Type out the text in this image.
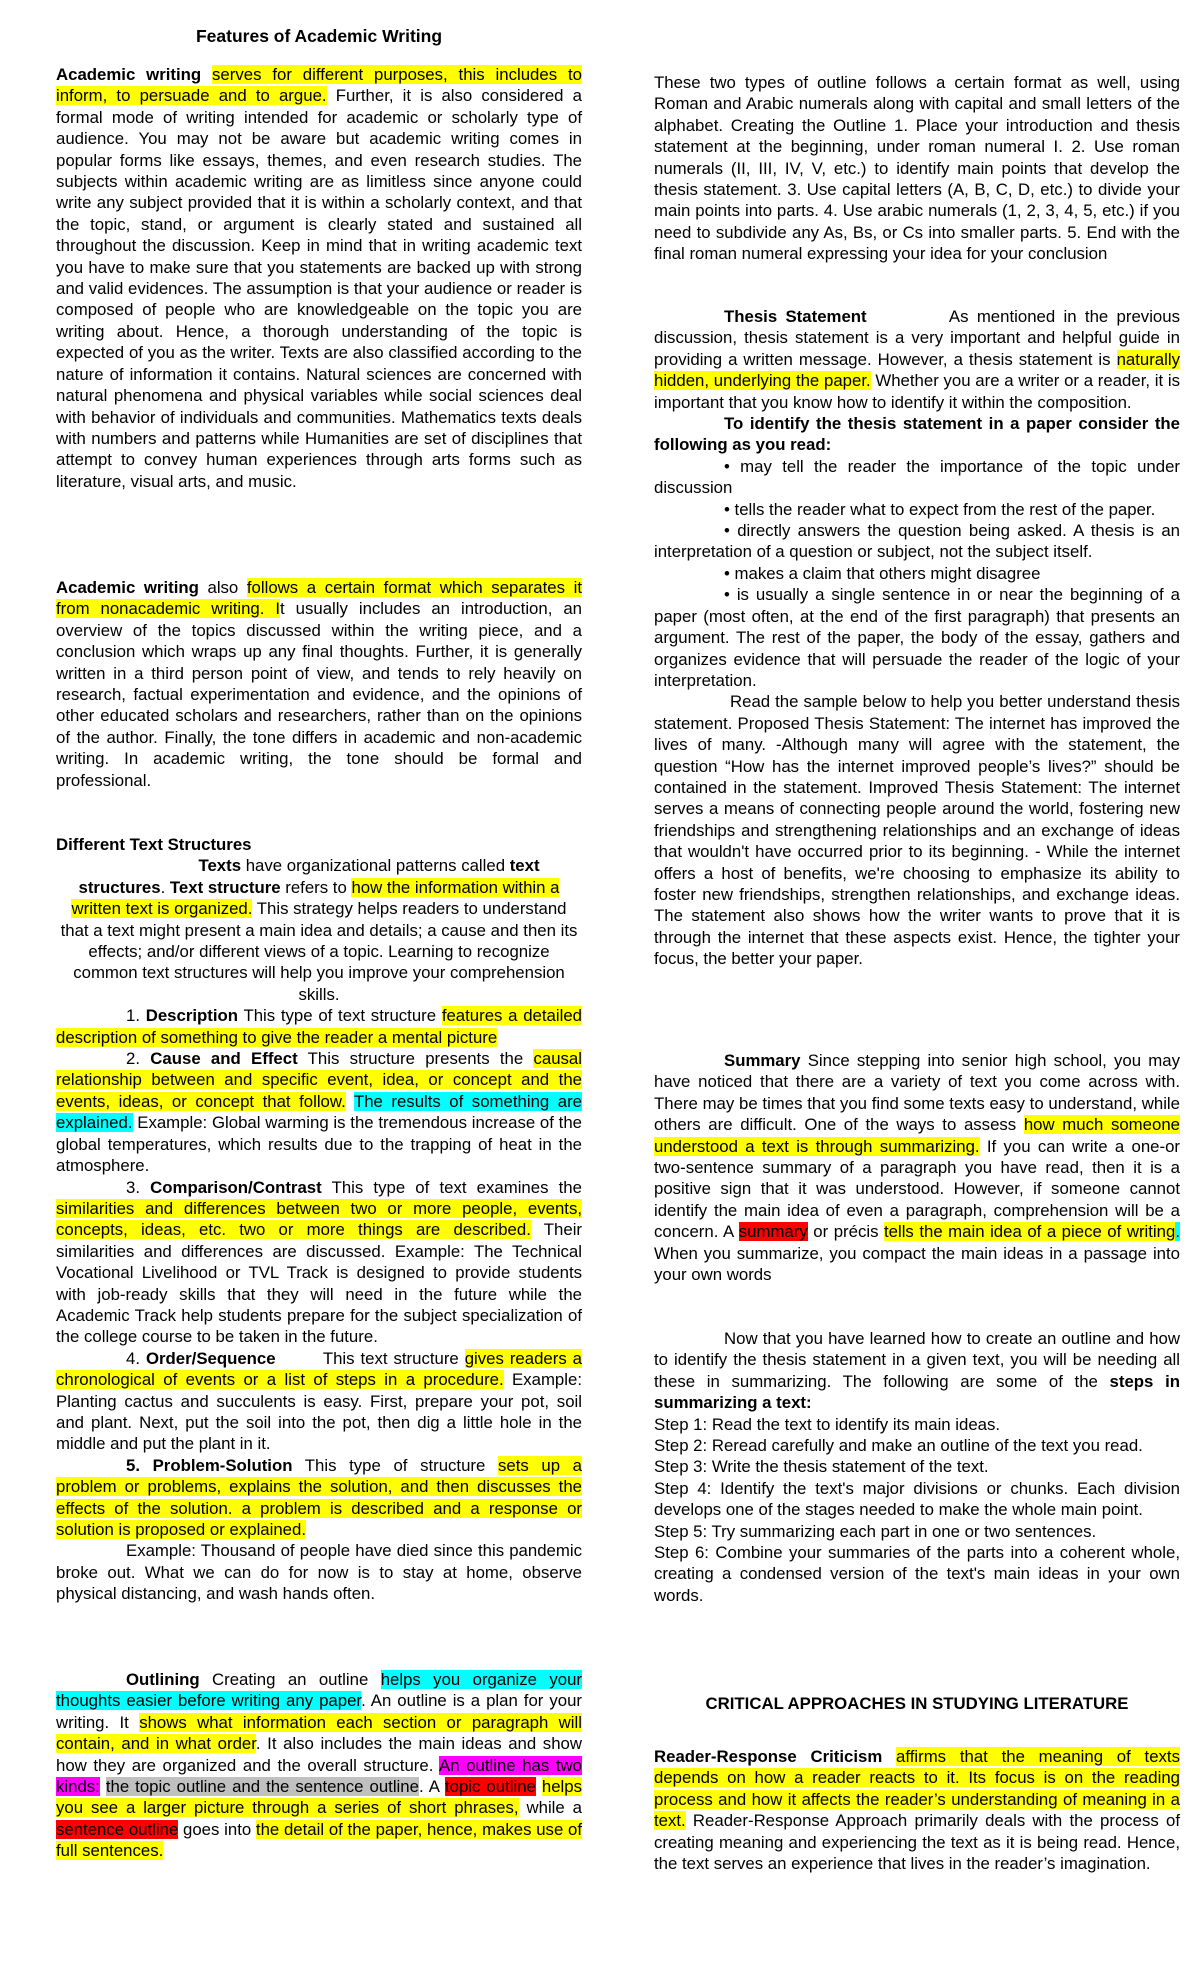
Features of Academic Writing

Academic writing serves for different purposes, this includes to inform, to persuade and to argue. Further, it is also considered a formal mode of writing intended for academic or scholarly type of audience. You may not be aware but academic writing comes in popular forms like essays, themes, and even research studies. The subjects within academic writing are as limitless since anyone could write any subject provided that it is within a scholarly context, and that the topic, stand, or argument is clearly stated and sustained all throughout the discussion. Keep in mind that in writing academic text you have to make sure that you statements are backed up with strong and valid evidences. The assumption is that your audience or reader is composed of people who are knowledgeable on the topic you are writing about. Hence, a thorough understanding of the topic is expected of you as the writer. Texts are also classified according to the nature of information it contains. Natural sciences are concerned with natural phenomena and physical variables while social sciences deal with behavior of individuals and communities. Mathematics texts deals with numbers and patterns while Humanities are set of disciplines that attempt to convey human experiences through arts forms such as literature, visual arts, and music.

Academic writing also follows a certain format which separates it from nonacademic writing. It usually includes an introduction, an overview of the topics discussed within the writing piece, and a conclusion which wraps up any final thoughts. Further, it is generally written in a third person point of view, and tends to rely heavily on research, factual experimentation and evidence, and the opinions of other educated scholars and researchers, rather than on the opinions of the author. Finally, the tone differs in academic and non-academic writing. In academic writing, the tone should be formal and professional.

Different Text Structures

Texts have organizational patterns called text structures. Text structure refers to how the information within a written text is organized. This strategy helps readers to understand that a text might present a main idea and details; a cause and then its effects; and/or different views of a topic. Learning to recognize common text structures will help you improve your comprehension skills.

1. Description This type of text structure features a detailed description of something to give the reader a mental picture

2. Cause and Effect This structure presents the causal relationship between and specific event, idea, or concept and the events, ideas, or concept that follow. The results of something are explained. Example: Global warming is the tremendous increase of the global temperatures, which results due to the trapping of heat in the atmosphere.

3. Comparison/Contrast This type of text examines the similarities and differences between two or more people, events, concepts, ideas, etc. two or more things are described. Their similarities and differences are discussed. Example: The Technical Vocational Livelihood or TVL Track is designed to provide students with job-ready skills that they will need in the future while the Academic Track help students prepare for the subject specialization of the college course to be taken in the future.

4. Order/Sequence        This text structure gives readers a chronological of events or a list of steps in a procedure. Example: Planting cactus and succulents is easy. First, prepare your pot, soil and plant. Next, put the soil into the pot, then dig a little hole in the middle and put the plant in it.

5. Problem-Solution This type of structure sets up a problem or problems, explains the solution, and then discusses the effects of the solution. a problem is described and a response or solution is proposed or explained.

Example: Thousand of people have died since this pandemic broke out. What we can do for now is to stay at home, observe physical distancing, and wash hands often.

Outlining Creating an outline helps you organize your thoughts easier before writing any paper. An outline is a plan for your writing. It shows what information each section or paragraph will contain, and in what order. It also includes the main ideas and show how they are organized and the overall structure. An outline has two kinds: the topic outline and the sentence outline. A topic outline helps you see a larger picture through a series of short phrases, while a sentence outline goes into the detail of the paper, hence, makes use of full sentences.

These two types of outline follows a certain format as well, using Roman and Arabic numerals along with capital and small letters of the alphabet. Creating the Outline 1. Place your introduction and thesis statement at the beginning, under roman numeral I. 2. Use roman numerals (II, III, IV, V, etc.) to identify main points that develop the thesis statement. 3. Use capital letters (A, B, C, D, etc.) to divide your main points into parts. 4. Use arabic numerals (1, 2, 3, 4, 5, etc.) if you need to subdivide any As, Bs, or Cs into smaller parts. 5. End with the final roman numeral expressing your idea for your conclusion

Thesis Statement          As mentioned in the previous discussion, thesis statement is a very important and helpful guide in providing a written message. However, a thesis statement is naturally hidden, underlying the paper. Whether you are a writer or a reader, it is important that you know how to identify it within the composition.

To identify the thesis statement in a paper consider the following as you read:

• may tell the reader the importance of the topic under discussion

• tells the reader what to expect from the rest of the paper.

• directly answers the question being asked. A thesis is an interpretation of a question or subject, not the subject itself.

• makes a claim that others might disagree

• is usually a single sentence in or near the beginning of a paper (most often, at the end of the first paragraph) that presents an argument. The rest of the paper, the body of the essay, gathers and organizes evidence that will persuade the reader of the logic of your interpretation.

Read the sample below to help you better understand thesis statement. Proposed Thesis Statement: The internet has improved the lives of many. -Although many will agree with the statement, the question “How has the internet improved people’s lives?” should be contained in the statement. Improved Thesis Statement: The internet serves a means of connecting people around the world, fostering new friendships and strengthening relationships and an exchange of ideas that wouldn't have occurred prior to its beginning. - While the internet offers a host of benefits, we're choosing to emphasize its ability to foster new friendships, strengthen relationships, and exchange ideas. The statement also shows how the writer wants to prove that it is through the internet that these aspects exist. Hence, the tighter your focus, the better your paper.

Summary Since stepping into senior high school, you may have noticed that there are a variety of text you come across with. There may be times that you find some texts easy to understand, while others are difficult. One of the ways to assess how much someone understood a text is through summarizing. If you can write a one-or two-sentence summary of a paragraph you have read, then it is a positive sign that it was understood. However, if someone cannot identify the main idea of even a paragraph, comprehension will be a concern. A summary or précis tells the main idea of a piece of writing. When you summarize, you compact the main ideas in a passage into your own words

Now that you have learned how to create an outline and how to identify the thesis statement in a given text, you will be needing all these in summarizing. The following are some of the steps in summarizing a text:

Step 1: Read the text to identify its main ideas.

Step 2: Reread carefully and make an outline of the text you read.

Step 3: Write the thesis statement of the text.

Step 4: Identify the text's major divisions or chunks. Each division develops one of the stages needed to make the whole main point.

Step 5: Try summarizing each part in one or two sentences.

Step 6: Combine your summaries of the parts into a coherent whole, creating a condensed version of the text's main ideas in your own words.

CRITICAL APPROACHES IN STUDYING LITERATURE

Reader-Response Criticism affirms that the meaning of texts depends on how a reader reacts to it. Its focus is on the reading process and how it affects the reader’s understanding of meaning in a text. Reader-Response Approach primarily deals with the process of creating meaning and experiencing the text as it is being read. Hence, the text serves an experience that lives in the reader’s imagination.
